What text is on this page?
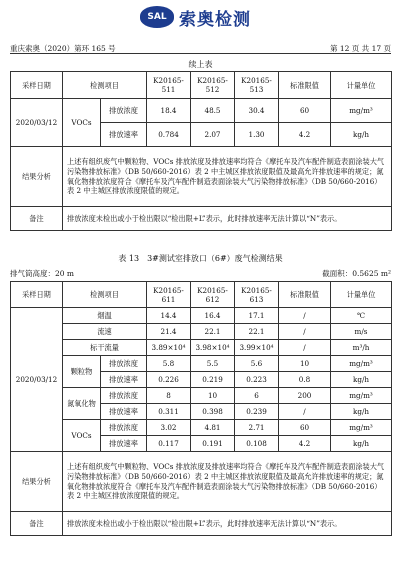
SAL 索奥检测
重庆索奥（2020）第环 165 号	第 12 页 共 17 页
续上表
采样日期	检测项目		K20165-511	K20165-512	K20165-513	标准限值	计量单位
2020/03/12	VOCs	排放浓度	18.4	48.5	30.4	60	mg/m³
		排放速率	0.784	2.07	1.30	4.2	kg/h
结果分析	上述有组织废气中颗粒物、VOCs 排放浓度及排放速率均符合《摩托车及汽车配件制造表面涂装大气污染物排放标准》（DB 50/660-2016）表 2 中主城区排放浓度限值及最高允许排放速率的规定；氮氧化物排放浓度符合《摩托车及汽车配件制造表面涂装大气污染物排放标准》（DB 50/660-2016）表 2 中主城区排放浓度限值的规定。						
备注	排放浓度未检出或小于检出限以“检出限+L”表示，此时排放速率无法计算以“N”表示。						
表 13　3#测试室排放口（6#）废气检测结果
排气筒高度：20 m	截面积：0.5625 m²
采样日期	检测项目		K20165-611	K20165-612	K20165-613	标准限值	计量单位
2020/03/12	烟温		14.4	16.4	17.1	/	℃
	流速		21.4	22.1	22.1	/	m/s
	标干流量		3.89×10⁴	3.98×10⁴	3.99×10⁴	/	m³/h
	颗粒物	排放浓度	5.8	5.5	5.6	10	mg/m³
		排放速率	0.226	0.219	0.223	0.8	kg/h
	氮氧化物	排放浓度	8	10	6	200	mg/m³
		排放速率	0.311	0.398	0.239	/	kg/h
	VOCs	排放浓度	3.02	4.81	2.71	60	mg/m³
		排放速率	0.117	0.191	0.108	4.2	kg/h
结果分析	上述有组织废气中颗粒物、VOCs 排放浓度及排放速率均符合《摩托车及汽车配件制造表面涂装大气污染物排放标准》（DB 50/660-2016）表 2 中主城区排放浓度限值及最高允许排放速率的规定；氮氧化物排放浓度符合《摩托车及汽车配件制造表面涂装大气污染物排放标准》（DB 50/660-2016）表 2 中主城区排放浓度限值的规定。						
备注	排放浓度未检出或小于检出限以“检出限+L”表示，此时排放速率无法计算以“N”表示。						
